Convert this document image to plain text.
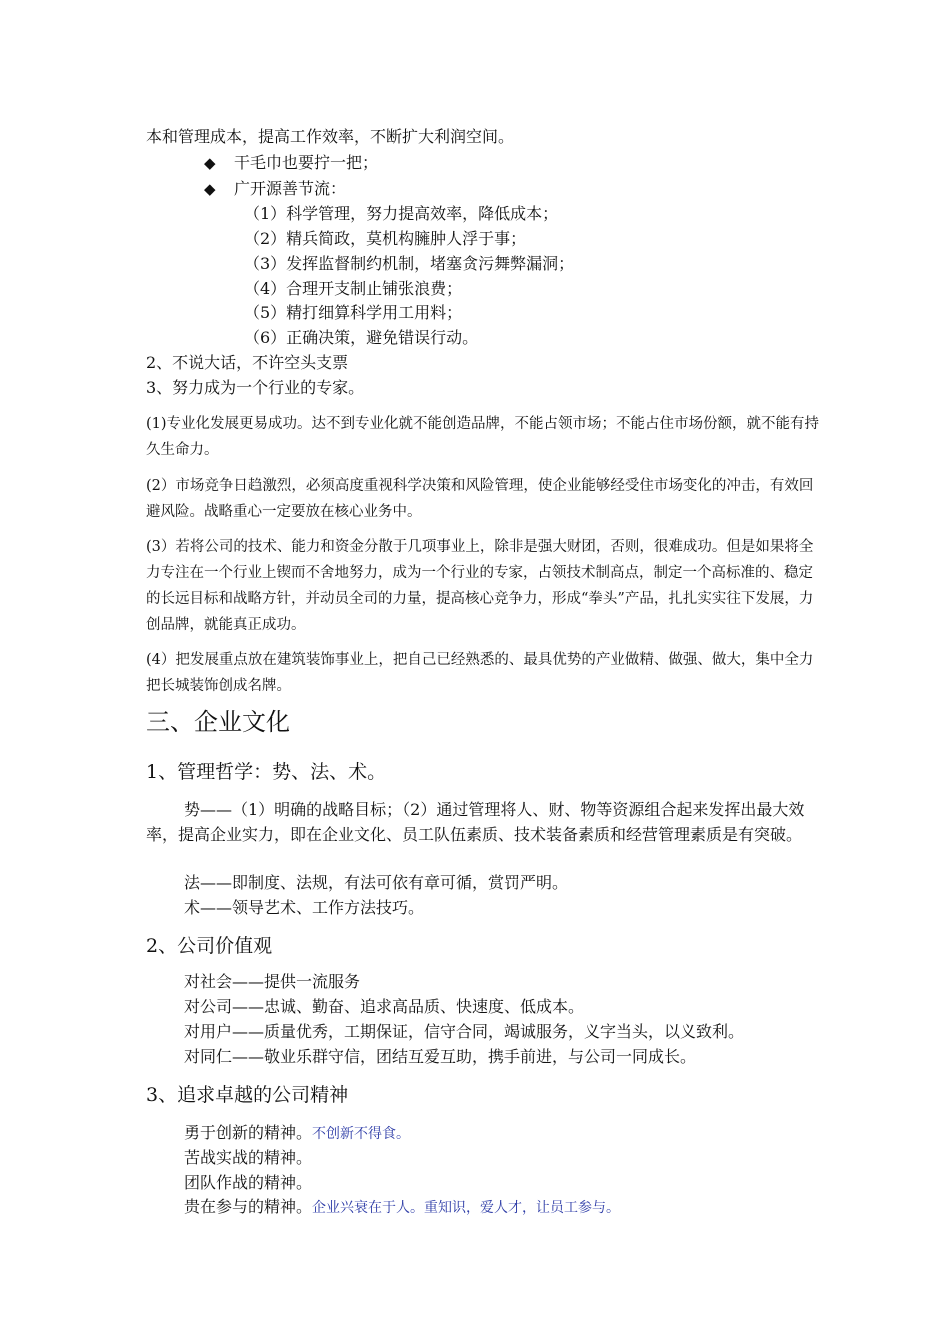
本和管理成本，提高工作效率，不断扩大利润空间。
◆ 干毛巾也要拧一把；
◆ 广开源善节流：
（1）科学管理，努力提高效率，降低成本；
（2）精兵简政，莫机构臃肿人浮于事；
（3）发挥监督制约机制，堵塞贪污舞弊漏洞；
（4）合理开支制止铺张浪费；
（5）精打细算科学用工用料；
（6）正确决策，避免错误行动。
2、不说大话，不许空头支票
3、努力成为一个行业的专家。
(1)专业化发展更易成功。达不到专业化就不能创造品牌，不能占领市场；不能占住市场份额，就不能有持久生命力。
(2）市场竞争日趋激烈，必须高度重视科学决策和风险管理，使企业能够经受住市场变化的冲击，有效回避风险。战略重心一定要放在核心业务中。
(3）若将公司的技术、能力和资金分散于几项事业上，除非是强大财团，否则，很难成功。但是如果将全力专注在一个行业上锲而不舍地努力，成为一个行业的专家，占领技术制高点，制定一个高标准的、稳定的长远目标和战略方针，并动员全司的力量，提高核心竞争力，形成“拳头”产品，扎扎实实往下发展，力创品牌，就能真正成功。
(4）把发展重点放在建筑装饰事业上，把自己已经熟悉的、最具优势的产业做精、做强、做大，集中全力把长城装饰创成名牌。
三、企业文化
1、管理哲学：势、法、术。
势——（1）明确的战略目标；（2）通过管理将人、财、物等资源组合起来发挥出最大效率，提高企业实力，即在企业文化、员工队伍素质、技术装备素质和经营管理素质是有突破。
法——即制度、法规，有法可依有章可循，赏罚严明。
术——领导艺术、工作方法技巧。
2、公司价值观
对社会——提供一流服务
对公司——忠诚、勤奋、追求高品质、快速度、低成本。
对用户——质量优秀，工期保证，信守合同，竭诚服务，义字当头，以义致利。
对同仁——敬业乐群守信，团结互爱互助，携手前进，与公司一同成长。
3、追求卓越的公司精神
勇于创新的精神。不创新不得食。
苦战实战的精神。
团队作战的精神。
贵在参与的精神。企业兴衰在于人。重知识，爱人才，让员工参与。
